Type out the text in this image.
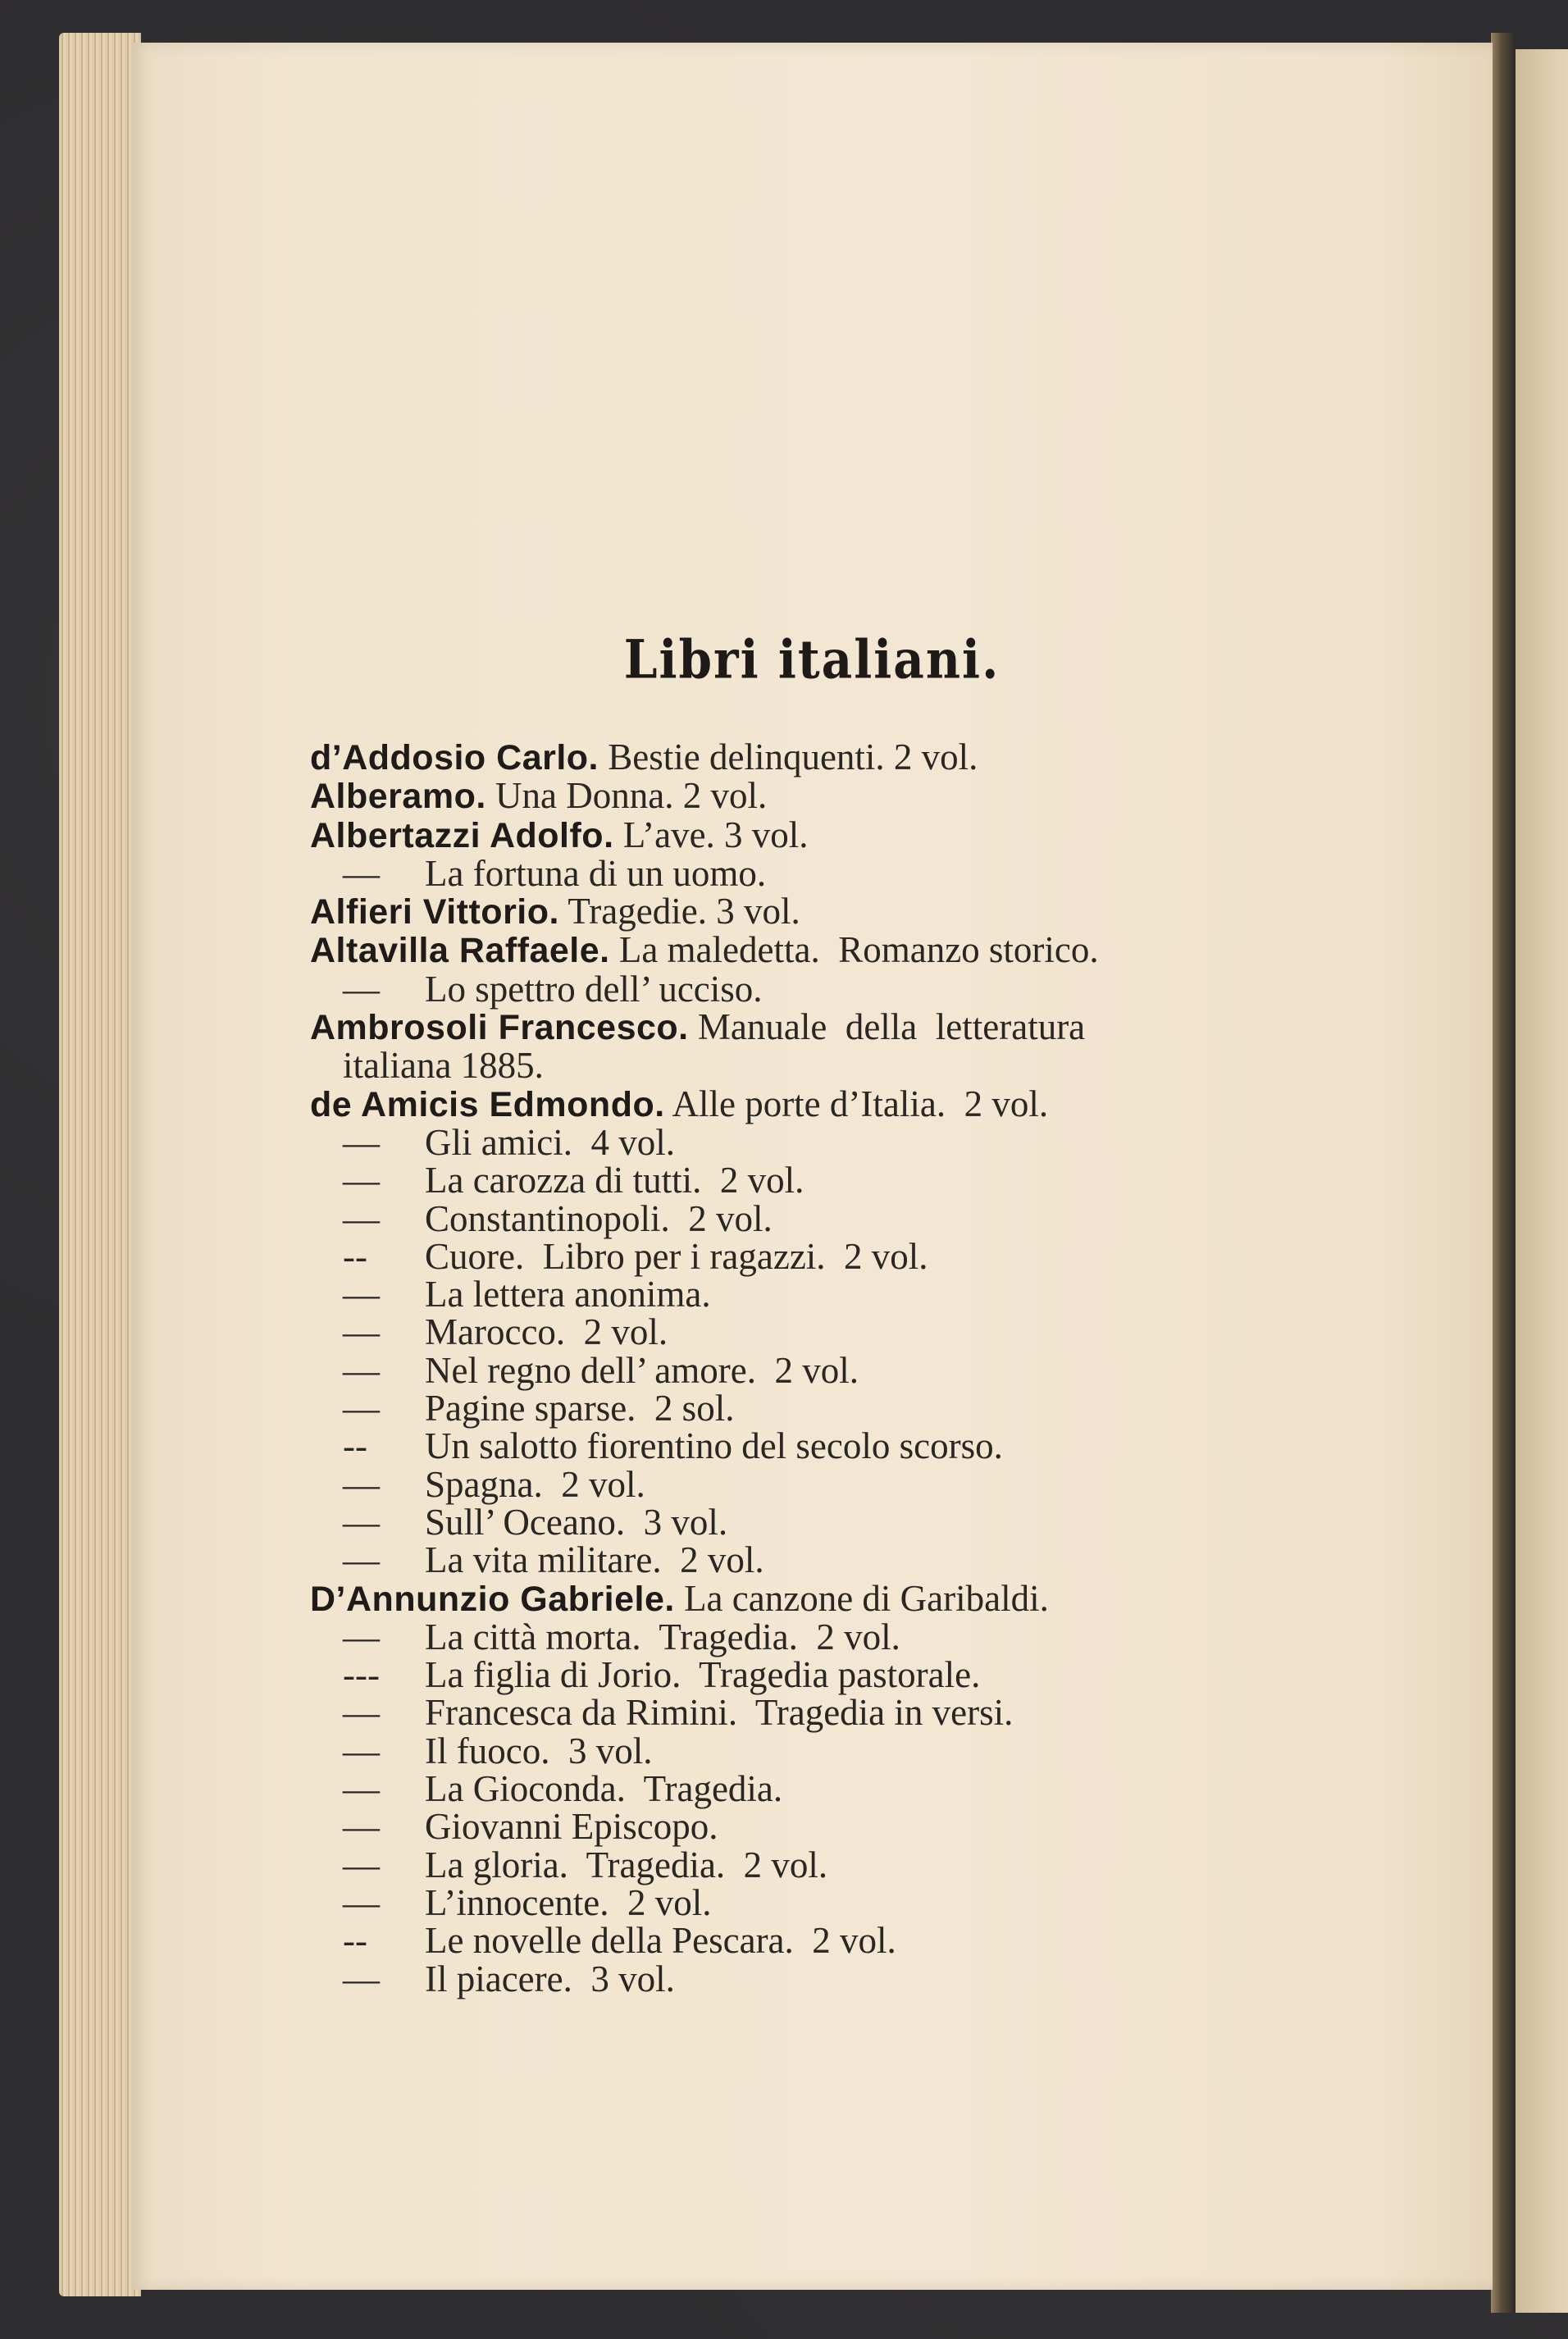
Libri italiani.
d’Addosio Carlo. Bestie delinquenti. 2 vol.
Alberamo. Una Donna. 2 vol.
Albertazzi Adolfo. L’ave. 3 vol.
— La fortuna di un uomo.
Alfieri Vittorio. Tragedie. 3 vol.
Altavilla Raffaele. La maledetta.  Romanzo storico.
— Lo spettro dell’ ucciso.
Ambrosoli Francesco. Manuale  della  letteratura
italiana 1885.
de Amicis Edmondo. Alle porte d’Italia.  2 vol.
— Gli amici.  4 vol.
— La carozza di tutti.  2 vol.
— Constantinopoli.  2 vol.
-- Cuore.  Libro per i ragazzi.  2 vol.
— La lettera anonima.
— Marocco.  2 vol.
— Nel regno dell’ amore.  2 vol.
— Pagine sparse.  2 sol.
-- Un salotto fiorentino del secolo scorso.
— Spagna.  2 vol.
— Sull’ Oceano.  3 vol.
— La vita militare.  2 vol.
D’Annunzio Gabriele. La canzone di Garibaldi.
— La città morta.  Tragedia.  2 vol.
--- La figlia di Jorio.  Tragedia pastorale.
— Francesca da Rimini.  Tragedia in versi.
— Il fuoco.  3 vol.
— La Gioconda.  Tragedia.
— Giovanni Episcopo.
— La gloria.  Tragedia.  2 vol.
— L’innocente.  2 vol.
-- Le novelle della Pescara.  2 vol.
— Il piacere.  3 vol.
